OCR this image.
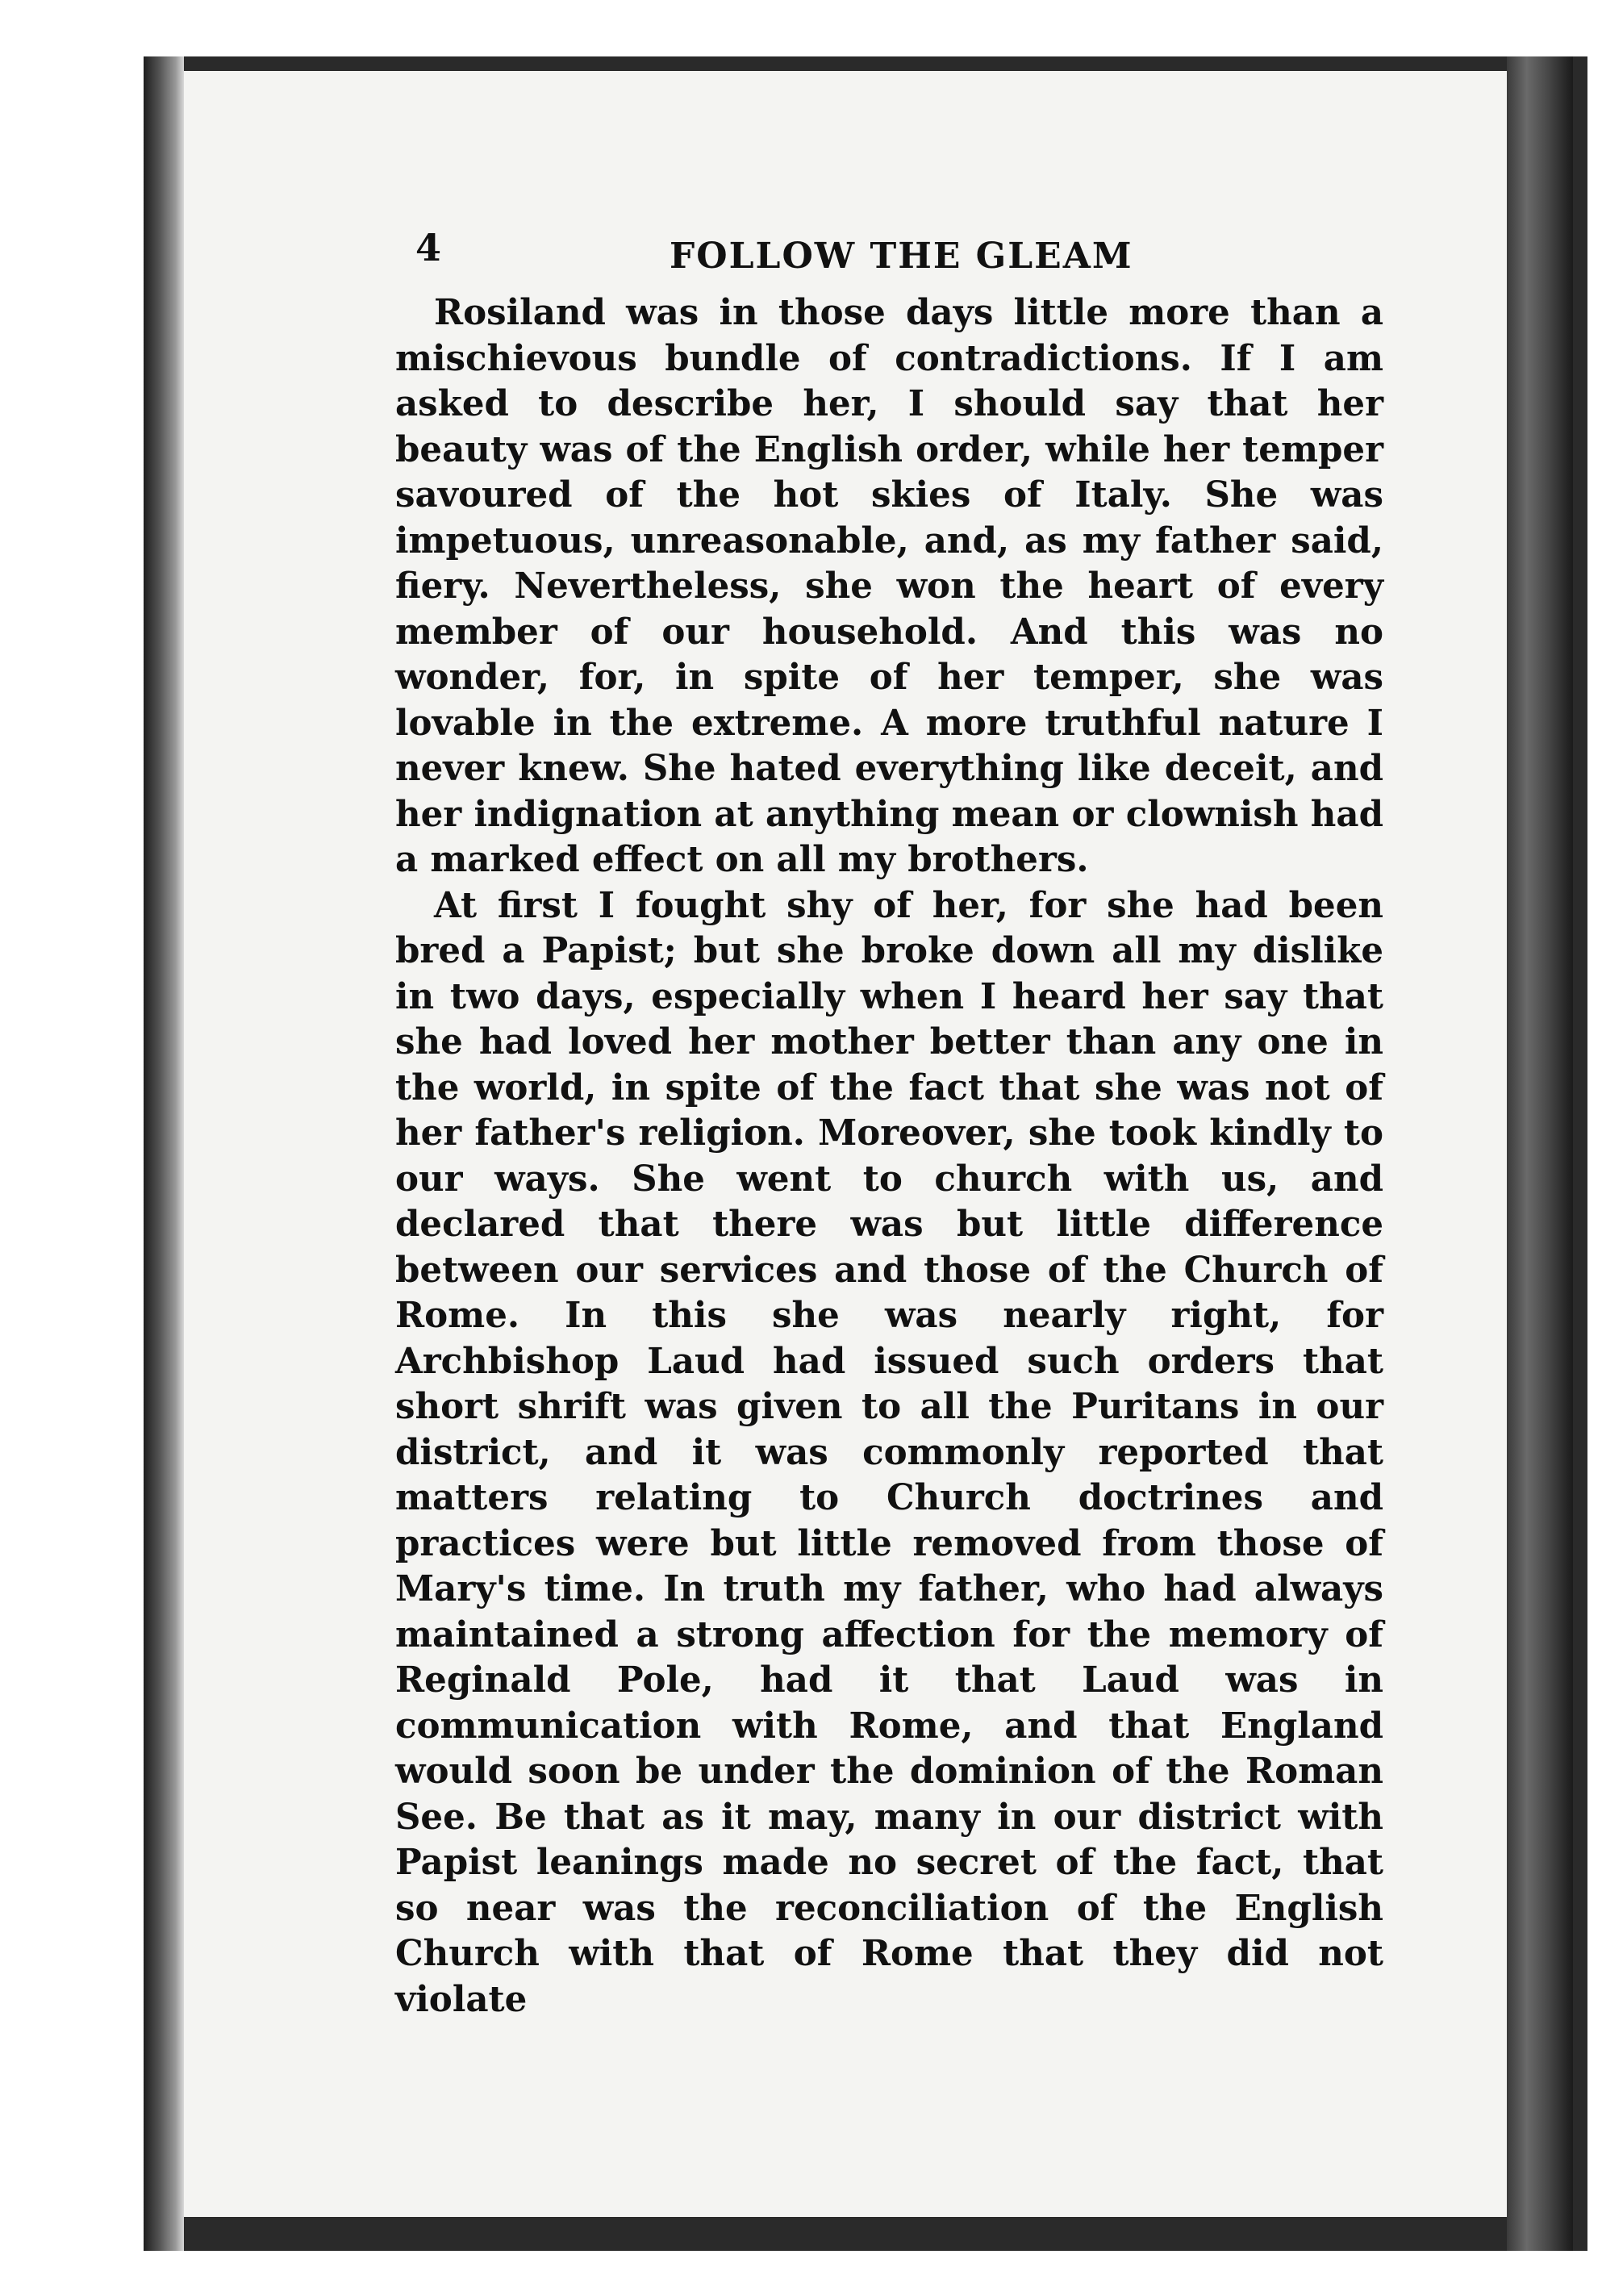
4	FOLLOW THE GLEAM

Rosiland was in those days little more than a mischievous bundle of contradictions. If I am asked to describe her, I should say that her beauty was of the English order, while her temper savoured of the hot skies of Italy. She was impetuous, unreasonable, and, as my father said, fiery. Nevertheless, she won the heart of every member of our household. And this was no wonder, for, in spite of her temper, she was lovable in the extreme. A more truthful nature I never knew. She hated everything like deceit, and her indignation at anything mean or clownish had a marked effect on all my brothers.

At first I fought shy of her, for she had been bred a Papist; but she broke down all my dislike in two days, especially when I heard her say that she had loved her mother better than any one in the world, in spite of the fact that she was not of her father's religion. Moreover, she took kindly to our ways. She went to church with us, and declared that there was but little difference between our services and those of the Church of Rome. In this she was nearly right, for Archbishop Laud had issued such orders that short shrift was given to all the Puritans in our district, and it was commonly reported that matters relating to Church doctrines and practices were but little removed from those of Mary's time. In truth my father, who had always maintained a strong affection for the memory of Reginald Pole, had it that Laud was in communication with Rome, and that England would soon be under the dominion of the Roman See. Be that as it may, many in our district with Papist leanings made no secret of the fact, that so near was the reconciliation of the English Church with that of Rome that they did not violate
